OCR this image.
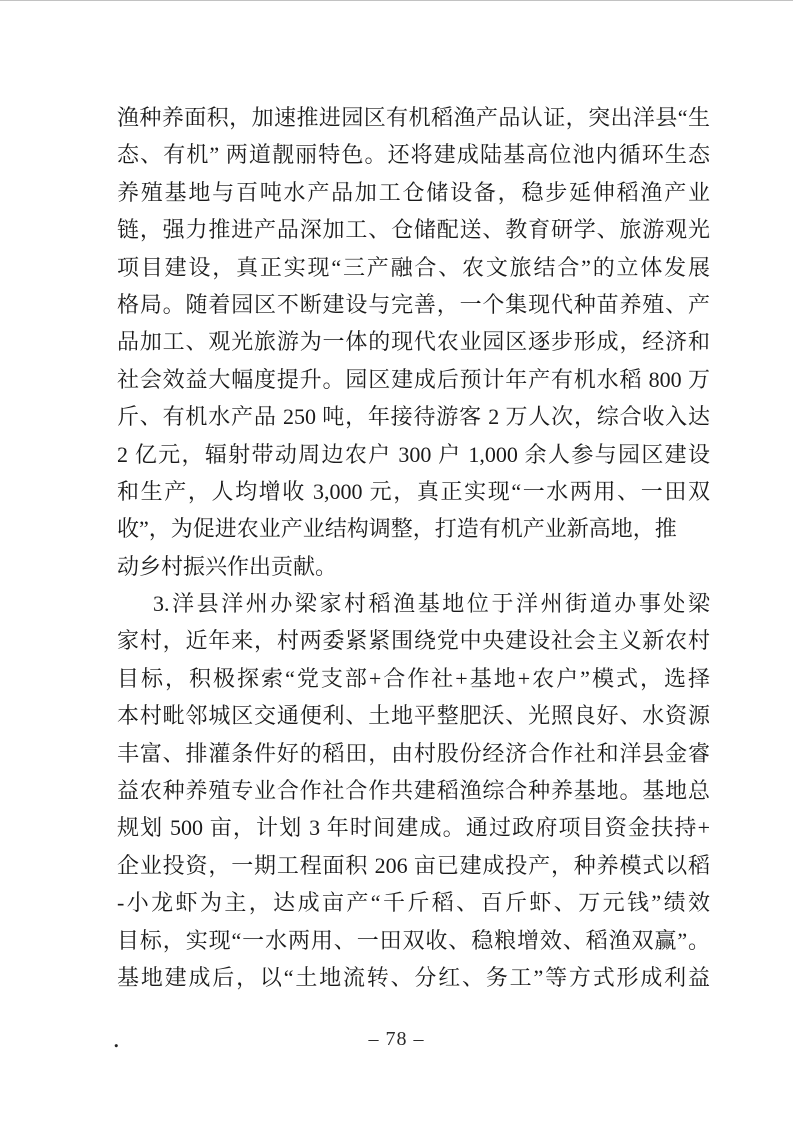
渔种养面积，加速推进园区有机稻渔产品认证，突出洋县“生
态、有机” 两道靓丽特色。还将建成陆基高位池内循环生态
养殖基地与百吨水产品加工仓储设备，稳步延伸稻渔产业
链，强力推进产品深加工、仓储配送、教育研学、旅游观光
项目建设，真正实现“三产融合、农文旅结合”的立体发展
格局。随着园区不断建设与完善，一个集现代种苗养殖、产
品加工、观光旅游为一体的现代农业园区逐步形成，经济和
社会效益大幅度提升。园区建成后预计年产有机水稻 800 万
斤、有机水产品 250 吨，年接待游客 2 万人次，综合收入达
2 亿元，辐射带动周边农户 300 户 1,000 余人参与园区建设
和生产，人均增收 3,000 元，真正实现“一水两用、一田双
收”，为促进农业产业结构调整，打造有机产业新高地，推
动乡村振兴作出贡献。
3.洋县洋州办梁家村稻渔基地位于洋州街道办事处梁
家村，近年来，村两委紧紧围绕党中央建设社会主义新农村
目标，积极探索“党支部+合作社+基地+农户”模式，选择
本村毗邻城区交通便利、土地平整肥沃、光照良好、水资源
丰富、排灌条件好的稻田，由村股份经济合作社和洋县金睿
益农种养殖专业合作社合作共建稻渔综合种养基地。基地总
规划 500 亩，计划 3 年时间建成。通过政府项目资金扶持+
企业投资，一期工程面积 206 亩已建成投产，种养模式以稻
-小龙虾为主，达成亩产“千斤稻、百斤虾、万元钱”绩效
目标，实现“一水两用、一田双收、稳粮增效、稻渔双赢”。
基地建成后，以“土地流转、分红、务工”等方式形成利益
– 78 –
.
